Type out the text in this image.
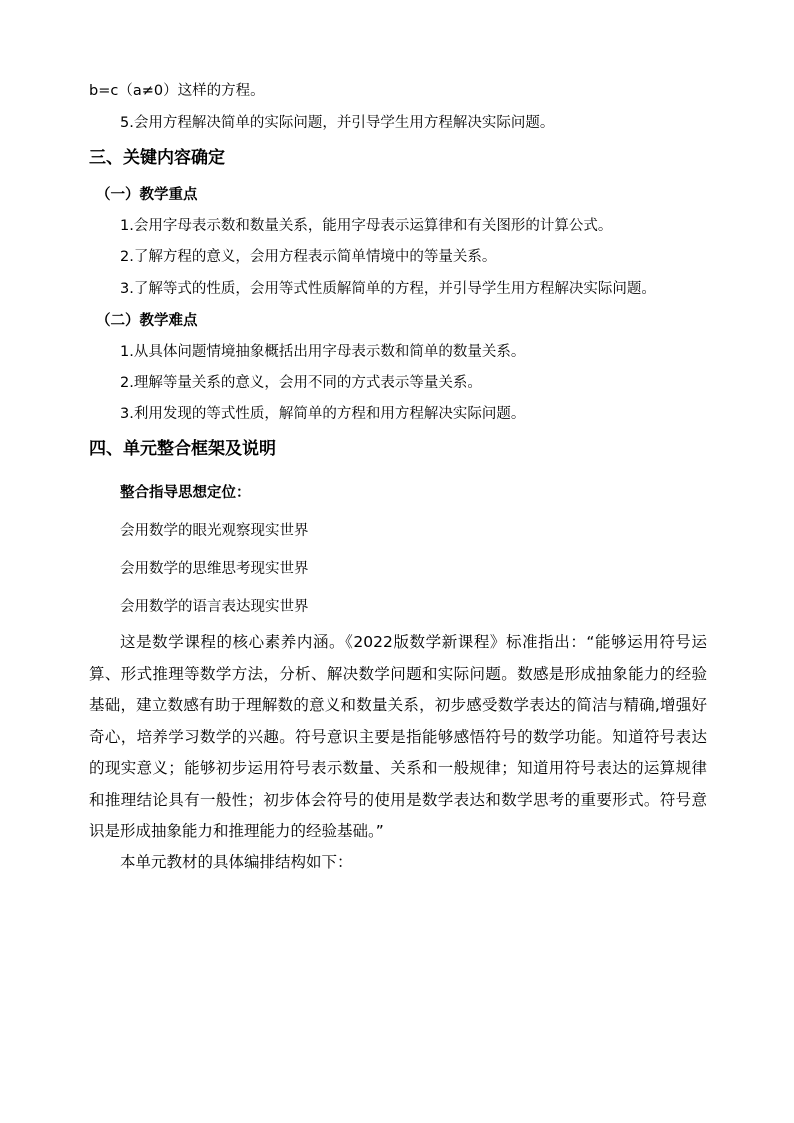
b=c（a≠0）这样的方程。
5.会用方程解决简单的实际问题，并引导学生用方程解决实际问题。
三、关键内容确定
（一）教学重点
1.会用字母表示数和数量关系，能用字母表示运算律和有关图形的计算公式。
2.了解方程的意义，会用方程表示简单情境中的等量关系。
3.了解等式的性质，会用等式性质解简单的方程，并引导学生用方程解决实际问题。
（二）教学难点
1.从具体问题情境抽象概括出用字母表示数和简单的数量关系。
2.理解等量关系的意义，会用不同的方式表示等量关系。
3.利用发现的等式性质，解简单的方程和用方程解决实际问题。
四、单元整合框架及说明
整合指导思想定位：
会用数学的眼光观察现实世界
会用数学的思维思考现实世界
会用数学的语言表达现实世界

这是数学课程的核心素养内涵。《2022版数学新课程》标准指出：“能够运用符号运算、形式推理等数学方法，分析、解决数学问题和实际问题。数感是形成抽象能力的经验基础，建立数感有助于理解数的意义和数量关系，初步感受数学表达的简洁与精确,增强好奇心，培养学习数学的兴趣。符号意识主要是指能够感悟符号的数学功能。知道符号表达的现实意义；能够初步运用符号表示数量、关系和一般规律；知道用符号表达的运算规律和推理结论具有一般性；初步体会符号的使用是数学表达和数学思考的重要形式。符号意识是形成抽象能力和推理能力的经验基础。”

本单元教材的具体编排结构如下：
